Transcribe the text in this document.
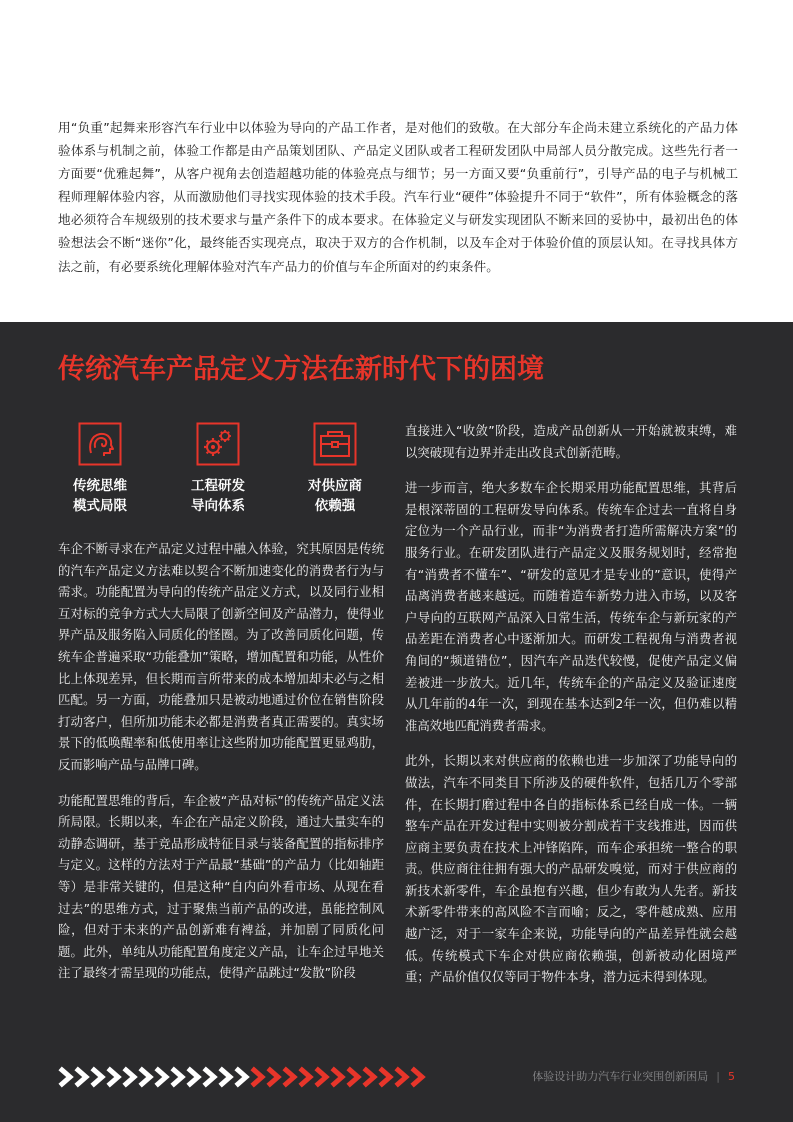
用“负重”起舞来形容汽车行业中以体验为导向的产品工作者，是对他们的致敬。在大部分车企尚未建立系统化的产品力体验体系与机制之前，体验工作都是由产品策划团队、产品定义团队或者工程研发团队中局部人员分散完成。这些先行者一方面要“优雅起舞”，从客户视角去创造超越功能的体验亮点与细节；另一方面又要“负重前行”，引导产品的电子与机械工程师理解体验内容，从而激励他们寻找实现体验的技术手段。汽车行业“硬件”体验提升不同于“软件”，所有体验概念的落地必须符合车规级别的技术要求与量产条件下的成本要求。在体验定义与研发实现团队不断来回的妥协中，最初出色的体验想法会不断“迷你”化，最终能否实现亮点，取决于双方的合作机制，以及车企对于体验价值的顶层认知。在寻找具体方法之前，有必要系统化理解体验对汽车产品力的价值与车企所面对的约束条件。
传统汽车产品定义方法在新时代下的困境
传统思维
模式局限
工程研发
导向体系
对供应商
依赖强

车企不断寻求在产品定义过程中融入体验，究其原因是传统的汽车产品定义方法难以契合不断加速变化的消费者行为与需求。功能配置为导向的传统产品定义方式，以及同行业相互对标的竞争方式大大局限了创新空间及产品潜力，使得业界产品及服务陷入同质化的怪圈。为了改善同质化问题，传统车企普遍采取“功能叠加”策略，增加配置和功能，从性价比上体现差异，但长期而言所带来的成本增加却未必与之相匹配。另一方面，功能叠加只是被动地通过价位在销售阶段打动客户，但所加功能未必都是消费者真正需要的。真实场景下的低唤醒率和低使用率让这些附加功能配置更显鸡肋，反而影响产品与品牌口碑。

功能配置思维的背后，车企被“产品对标”的传统产品定义法所局限。长期以来，车企在产品定义阶段，通过大量实车的动静态调研，基于竞品形成特征目录与装备配置的指标排序与定义。这样的方法对于产品最“基础”的产品力（比如轴距等）是非常关键的，但是这种“自内向外看市场、从现在看过去”的思维方式，过于聚焦当前产品的改进，虽能控制风险，但对于未来的产品创新难有裨益，并加剧了同质化问题。此外，单纯从功能配置角度定义产品，让车企过早地关注了最终才需呈现的功能点，使得产品跳过“发散”阶段

直接进入“收敛”阶段，造成产品创新从一开始就被束缚，难以突破现有边界并走出改良式创新范畴。

进一步而言，绝大多数车企长期采用功能配置思维，其背后是根深蒂固的工程研发导向体系。传统车企过去一直将自身定位为一个产品行业，而非“为消费者打造所需解决方案”的服务行业。在研发团队进行产品定义及服务规划时，经常抱有“消费者不懂车”、“研发的意见才是专业的”意识，使得产品离消费者越来越远。而随着造车新势力进入市场，以及客户导向的互联网产品深入日常生活，传统车企与新玩家的产品差距在消费者心中逐渐加大。而研发工程视角与消费者视角间的“频道错位”，因汽车产品迭代较慢，促使产品定义偏差被进一步放大。近几年，传统车企的产品定义及验证速度从几年前的4年一次，到现在基本达到2年一次，但仍难以精准高效地匹配消费者需求。

此外，长期以来对供应商的依赖也进一步加深了功能导向的做法，汽车不同类目下所涉及的硬件软件，包括几万个零部件，在长期打磨过程中各自的指标体系已经自成一体。一辆整车产品在开发过程中实则被分割成若干支线推进，因而供应商主要负责在技术上冲锋陷阵，而车企承担统一整合的职责。供应商往往拥有强大的产品研发嗅觉，而对于供应商的新技术新零件，车企虽抱有兴趣，但少有敢为人先者。新技术新零件带来的高风险不言而喻；反之，零件越成熟、应用越广泛，对于一家车企来说，功能导向的产品差异性就会越低。传统模式下车企对供应商依赖强，创新被动化困境严重；产品价值仅仅等同于物件本身，潜力远未得到体现。

体验设计助力汽车行业突围创新困局 | 5
